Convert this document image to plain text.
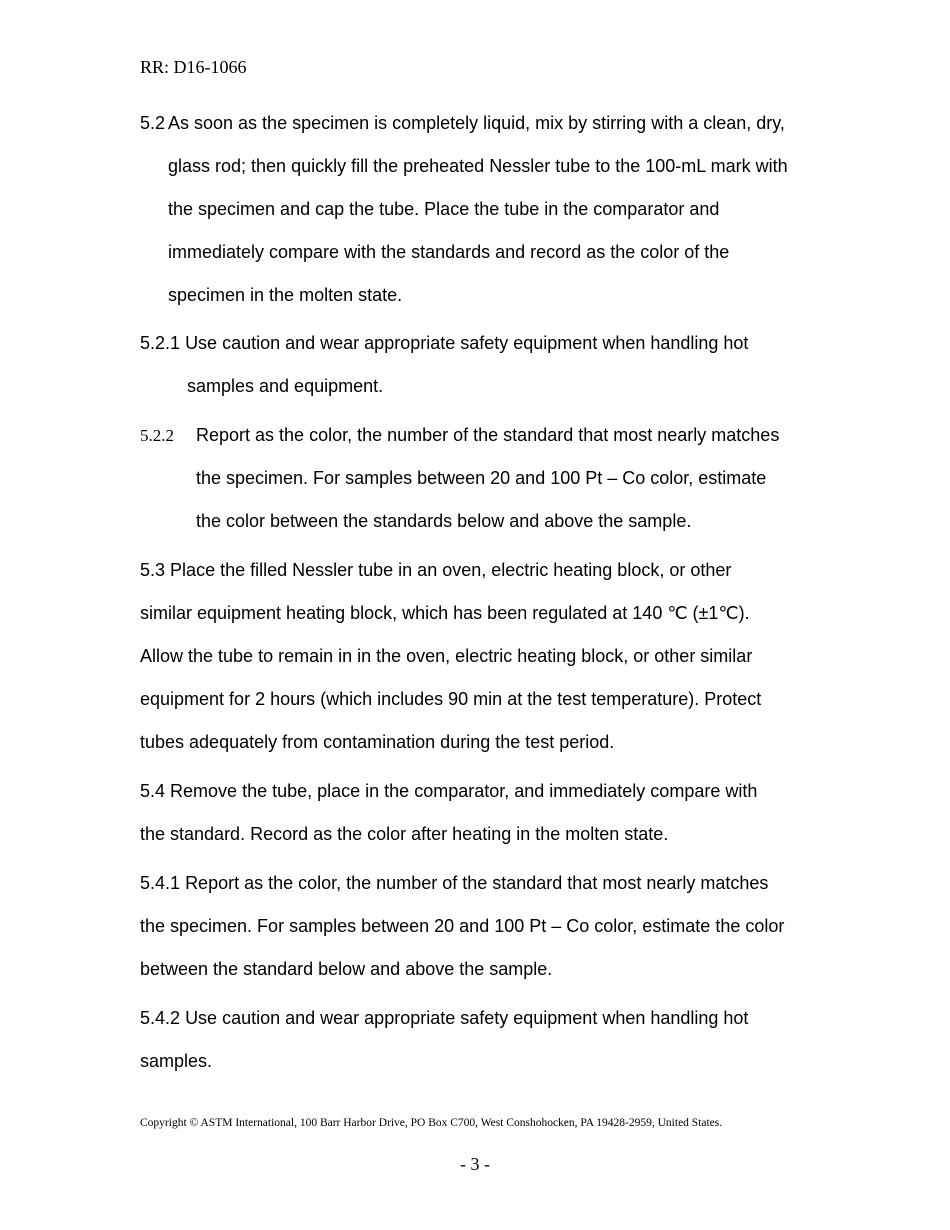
RR: D16-1066
5.2 As soon as the specimen is completely liquid, mix by stirring with a clean, dry,
glass rod; then quickly fill the preheated Nessler tube to the 100-mL mark with
the specimen and cap the tube. Place the tube in the comparator and
immediately compare with the standards and record as the color of the
specimen in the molten state.
5.2.1 Use caution and wear appropriate safety equipment when handling hot
samples and equipment.
5.2.2 Report as the color, the number of the standard that most nearly matches
the specimen. For samples between 20 and 100 Pt – Co color, estimate
the color between the standards below and above the sample.
5.3 Place the filled Nessler tube in an oven, electric heating block, or other
similar equipment heating block, which has been regulated at 140 ℃ (±1℃).
Allow the tube to remain in in the oven, electric heating block, or other similar
equipment for 2 hours (which includes 90 min at the test temperature). Protect
tubes adequately from contamination during the test period.
5.4 Remove the tube, place in the comparator, and immediately compare with
the standard. Record as the color after heating in the molten state.
5.4.1 Report as the color, the number of the standard that most nearly matches
the specimen. For samples between 20 and 100 Pt – Co color, estimate the color
between the standard below and above the sample.
5.4.2 Use caution and wear appropriate safety equipment when handling hot
samples.
Copyright © ASTM International, 100 Barr Harbor Drive, PO Box C700, West Conshohocken, PA 19428-2959, United States.
- 3 -
